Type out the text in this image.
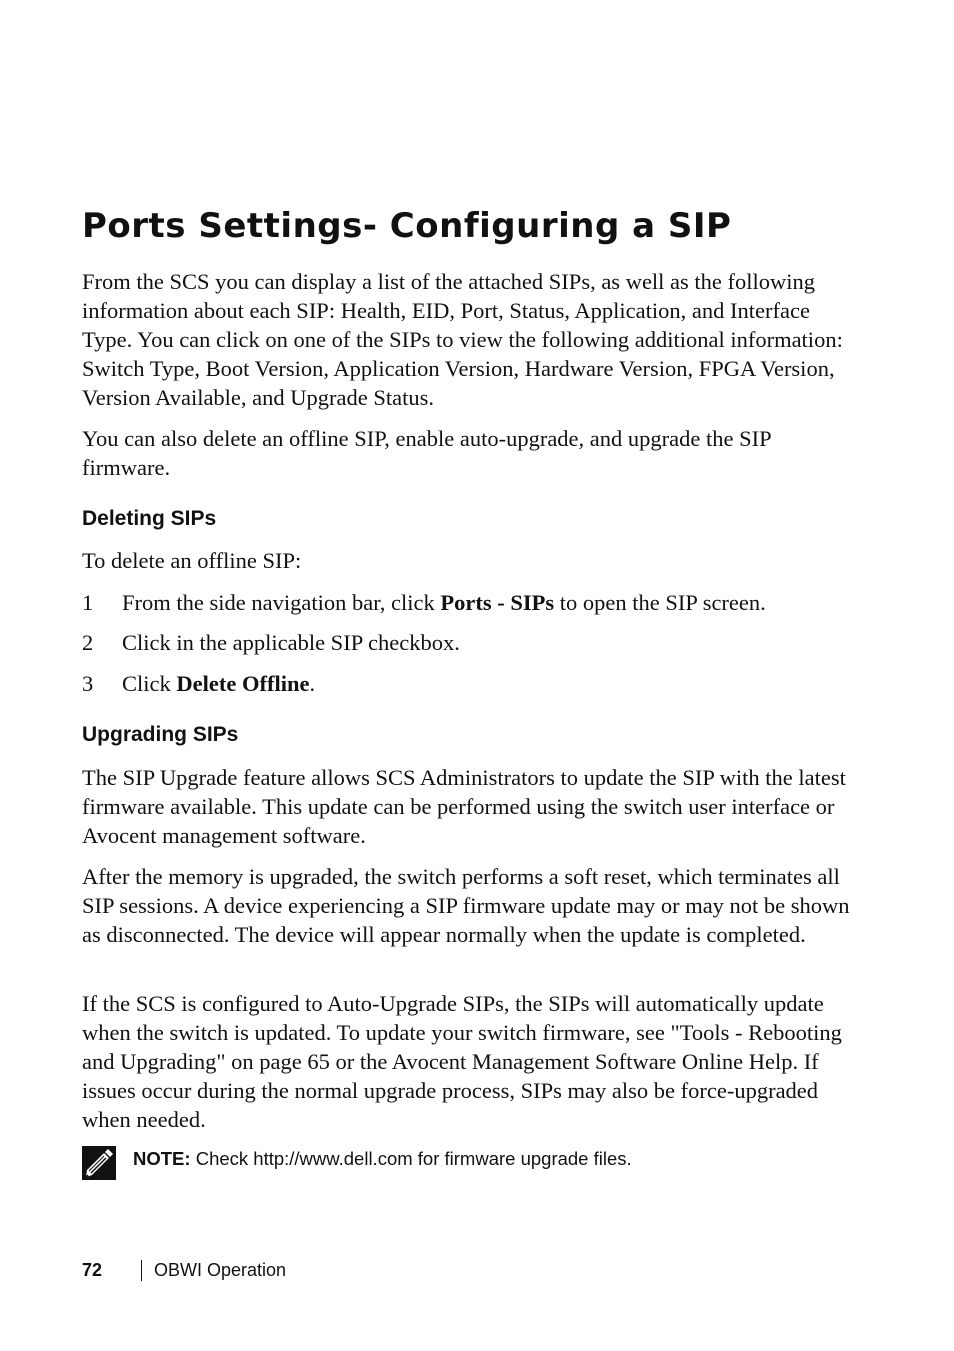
Ports Settings- Configuring a SIP

From the SCS you can display a list of the attached SIPs, as well as the following information about each SIP: Health, EID, Port, Status, Application, and Interface Type. You can click on one of the SIPs to view the following additional information: Switch Type, Boot Version, Application Version, Hardware Version, FPGA Version, Version Available, and Upgrade Status.

You can also delete an offline SIP, enable auto-upgrade, and upgrade the SIP firmware.

Deleting SIPs

To delete an offline SIP:

1 From the side navigation bar, click Ports - SIPs to open the SIP screen.
2 Click in the applicable SIP checkbox.
3 Click Delete Offline.
Upgrading SIPs

The SIP Upgrade feature allows SCS Administrators to update the SIP with the latest firmware available. This update can be performed using the switch user interface or Avocent management software.

After the memory is upgraded, the switch performs a soft reset, which terminates all SIP sessions. A device experiencing a SIP firmware update may or may not be shown as disconnected. The device will appear normally when the update is completed.

If the SCS is configured to Auto-Upgrade SIPs, the SIPs will automatically update when the switch is updated. To update your switch firmware, see "Tools - Rebooting and Upgrading" on page 65 or the Avocent Management Software Online Help. If issues occur during the normal upgrade process, SIPs may also be force-upgraded when needed.

NOTE: Check http://www.dell.com for firmware upgrade files.
72	OBWI Operation
